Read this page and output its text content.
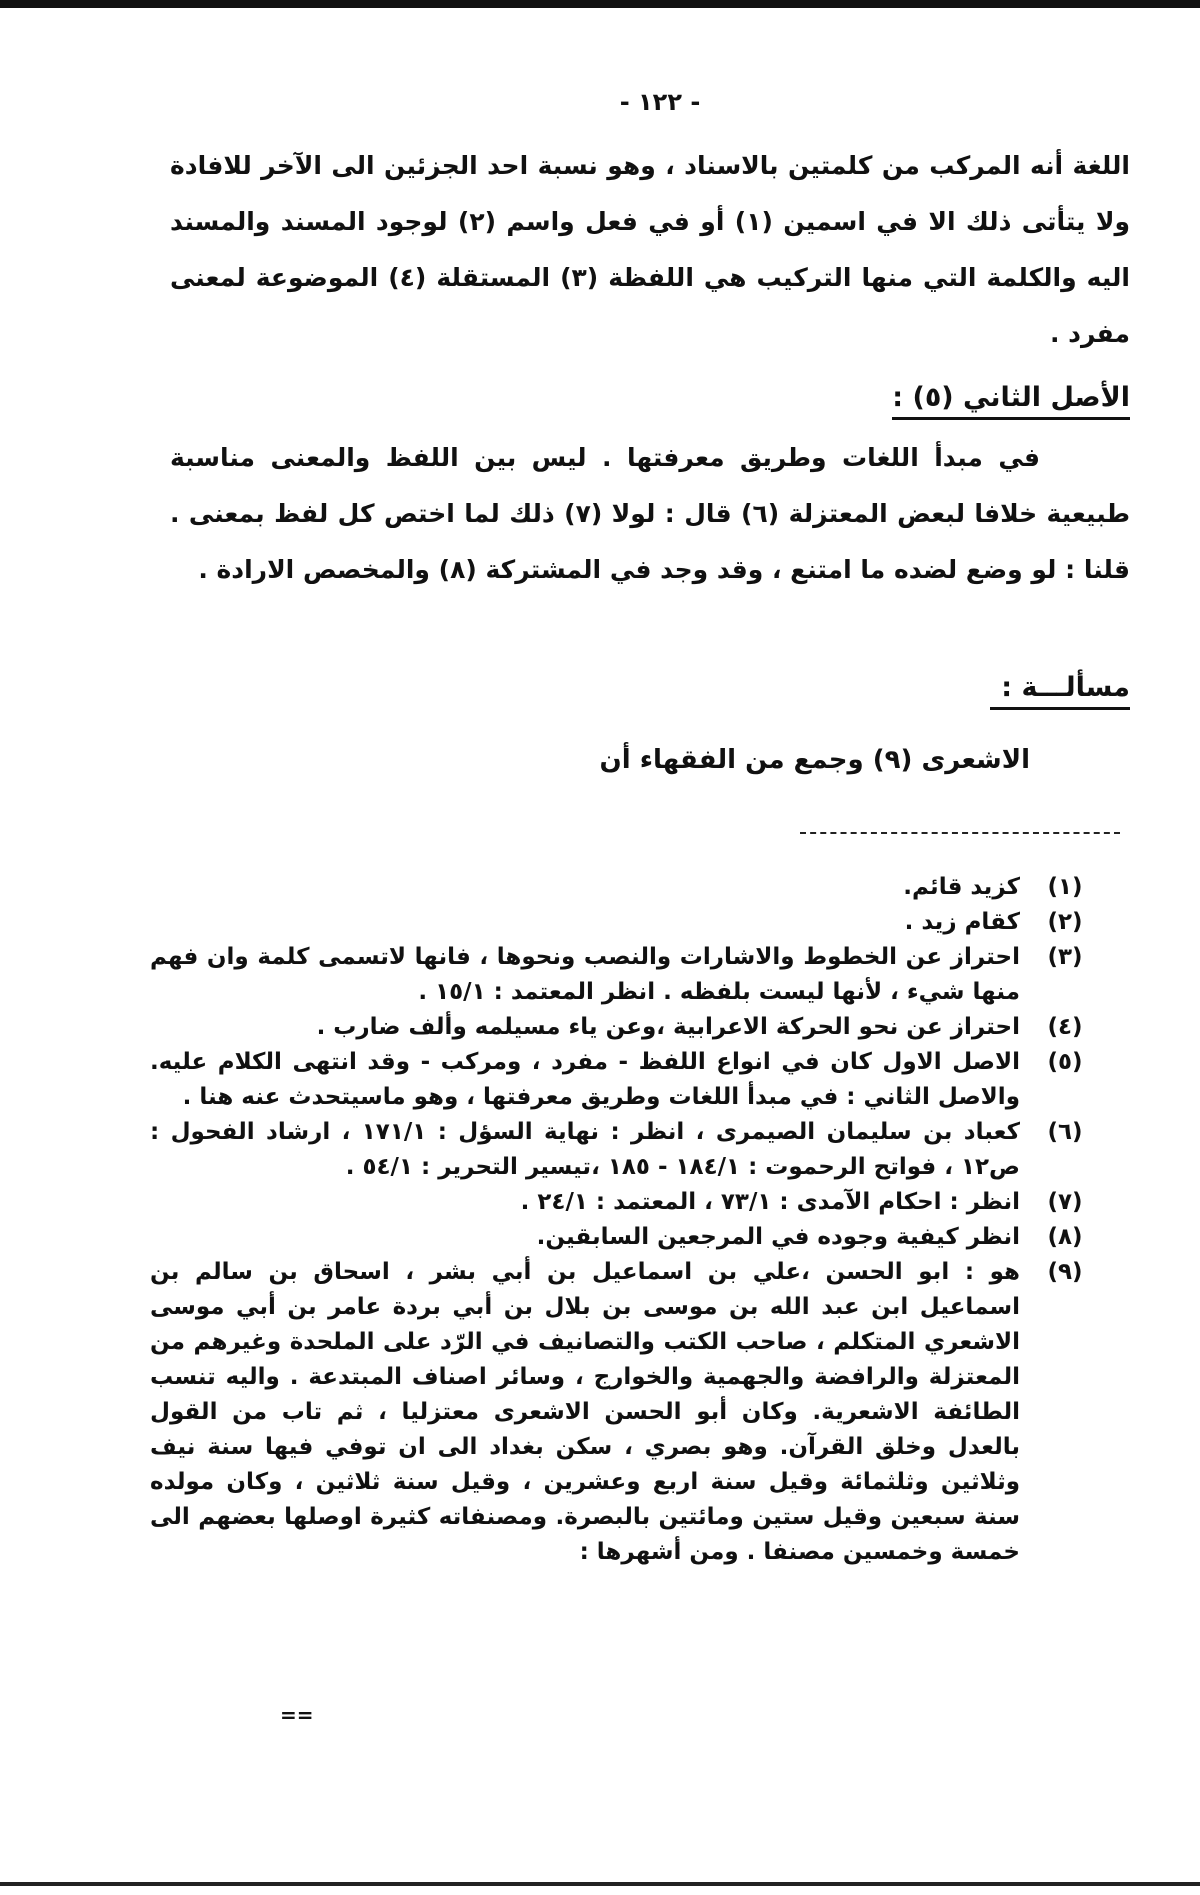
- ١٢٢ -

اللغة أنه المركب من كلمتين بالاسناد ، وهو نسبة احد الجزئين الى الآخر للافادة ولا يتأتى ذلك الا في اسمين (١) أو في فعل واسم (٢) لوجود المسند والمسند اليه والكلمة التي منها التركيب هي اللفظة (٣) المستقلة (٤) الموضوعة لمعنى مفرد .

الأصل الثاني (٥) :

في مبدأ اللغات وطريق معرفتها . ليس بين اللفظ والمعنى مناسبة طبيعية خلافا لبعض المعتزلة (٦) قال : لولا (٧) ذلك لما اختص كل لفظ بمعنى . قلنا : لو وضع لضده ما امتنع ، وقد وجد في المشتركة (٨) والمخصص الارادة .

مسألـــة :
الاشعرى (٩) وجمع من الفقهاء أن
(١)
كزيد قائم.
(٢)
كقام زيد .
(٣)
احتراز عن الخطوط والاشارات والنصب ونحوها ، فانها لاتسمى كلمة وان فهم منها شيء ، لأنها ليست بلفظه . انظر المعتمد : ١٥/١ .
(٤)
احتراز عن نحو الحركة الاعرابية ،وعن ياء مسيلمه وألف ضارب .
(٥)
الاصل الاول كان في انواع اللفظ - مفرد ، ومركب - وقد انتهى الكلام عليه. والاصل الثاني : في مبدأ اللغات وطريق معرفتها ، وهو ماسيتحدث عنه هنا .
(٦)
كعباد بن سليمان الصيمرى ، انظر : نهاية السؤل : ١٧١/١ ، ارشاد الفحول : ص١٢ ، فواتح الرحموت : ١٨٤/١ - ١٨٥ ،تيسير التحرير : ٥٤/١ .
(٧)
انظر : احكام الآمدى : ٧٣/١ ، المعتمد : ٢٤/١ .
(٨)
انظر كيفية وجوده في المرجعين السابقين.
(٩)
هو : ابو الحسن ،علي بن اسماعيل بن أبي بشر ، اسحاق بن سالم بن اسماعيل ابن عبد الله بن موسى بن بلال بن أبي بردة عامر بن أبي موسى الاشعري المتكلم ، صاحب الكتب والتصانيف في الرّد على الملحدة وغيرهم من المعتزلة والرافضة والجهمية والخوارج ، وسائر اصناف المبتدعة . واليه تنسب الطائفة الاشعرية. وكان أبو الحسن الاشعرى معتزليا ، ثم تاب من القول بالعدل وخلق القرآن. وهو بصري ، سكن بغداد الى ان توفي فيها سنة نيف وثلاثين وثلثمائة وقيل سنة اربع وعشرين ، وقيل سنة ثلاثين ، وكان مولده سنة سبعين وقيل ستين ومائتين بالبصرة. ومصنفاته كثيرة اوصلها بعضهم الى خمسة وخمسين مصنفا . ومن أشهرها :
==
